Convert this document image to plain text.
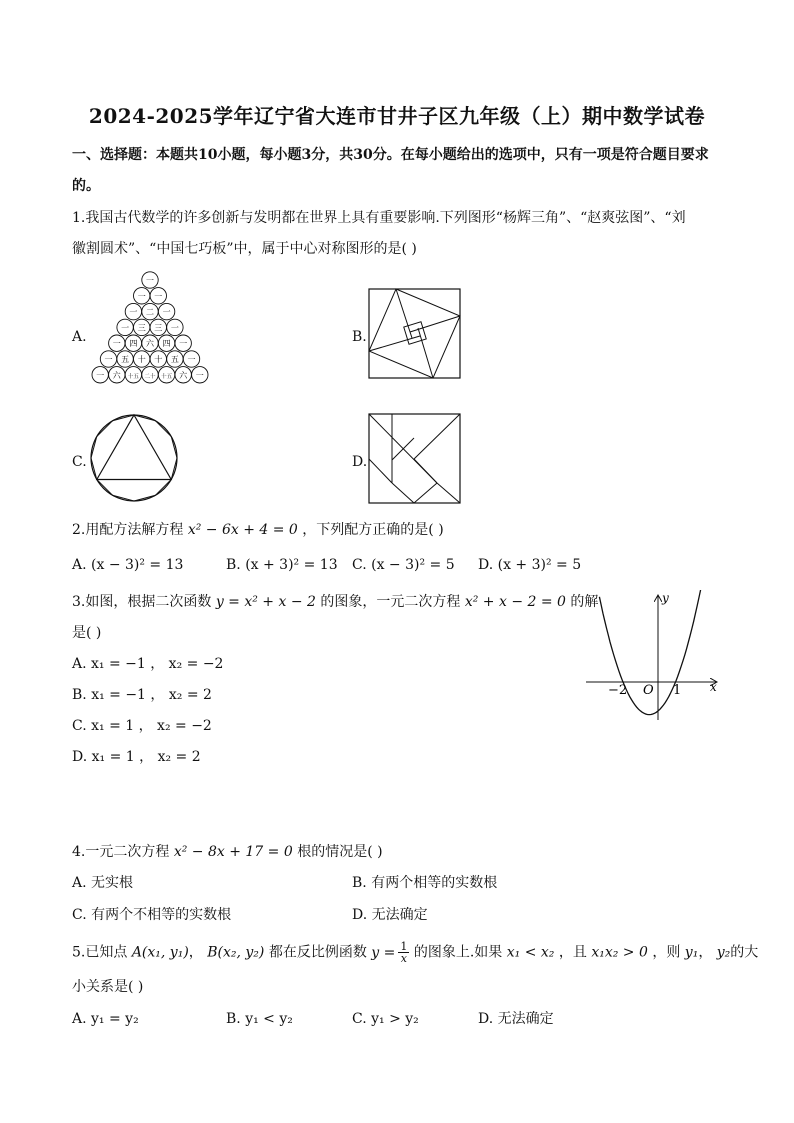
2024-2025学年辽宁省大连市甘井子区九年级（上）期中数学试卷
一、选择题：本题共10小题，每小题3分，共30分。在每小题给出的选项中，只有一项是符合题目要求
的。
1.我国古代数学的许多创新与发明都在世界上具有重要影响.下列图形“杨辉三角”、“赵爽弦图”、“刘
徽割圆术”、“中国七巧板”中，属于中心对称图形的是( )
A.
一
一 一
一 二 一
一 三 三 一
一 四 六 四 一
一 五 十 十 五 一
一 六 十五 二十 十五 六 一
B.
C.	D.
2.用配方法解方程 x² − 6x + 4 = 0 ，下列配方正确的是( )
A. (x − 3)² = 13	B. (x + 3)² = 13 C. (x − 3)² = 5 D. (x + 3)² = 5
3.如图，根据二次函数 y = x² + x − 2 的图象，一元二次方程 x² + x − 2 = 0 的解
是( )
A. x₁ = −1 ， x₂ = −2
B. x₁ = −1 ， x₂ = 2
C. x₁ = 1 ， x₂ = −2
D. x₁ = 1 ， x₂ = 2
y
x
O
−2	1
4.一元二次方程 x² − 8x + 17 = 0 根的情况是( )
A. 无实根	B. 有两个相等的实数根
C. 有两个不相等的实数根	D. 无法确定
5.已知点 A(x₁, y₁)， B(x₂, y₂) 都在反比例函数 $y = \frac{1}{x}$ 的图象上.如果 x₁ < x₂ ，且 x₁x₂ > 0 ，则 y₁， y₂的大
小关系是( )
A. y₁ = y₂	B. y₁ < y₂	C. y₁ > y₂	D. 无法确定
